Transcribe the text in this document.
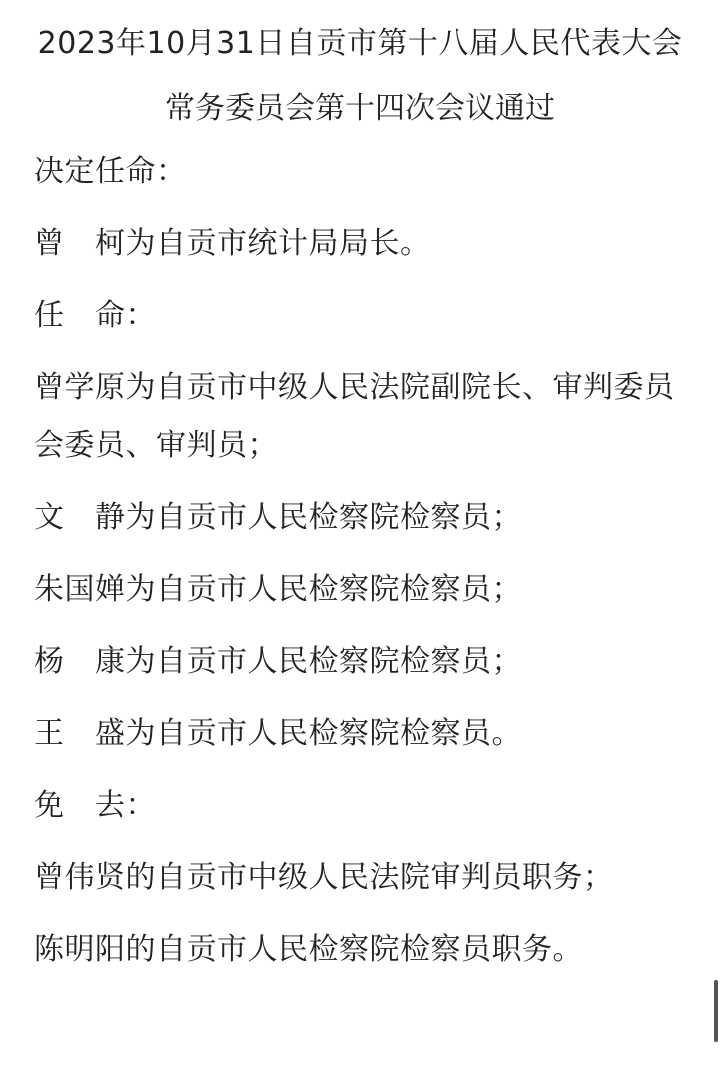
2023年10月31日自贡市第十八届人民代表大会
常务委员会第十四次会议通过

决定任命：

曾　柯为自贡市统计局局长。

任　命：

曾学原为自贡市中级人民法院副院长、审判委员会委员、审判员；

文　静为自贡市人民检察院检察员；

朱国婵为自贡市人民检察院检察员；

杨　康为自贡市人民检察院检察员；

王　盛为自贡市人民检察院检察员。

免　去：

曾伟贤的自贡市中级人民法院审判员职务；

陈明阳的自贡市人民检察院检察员职务。
